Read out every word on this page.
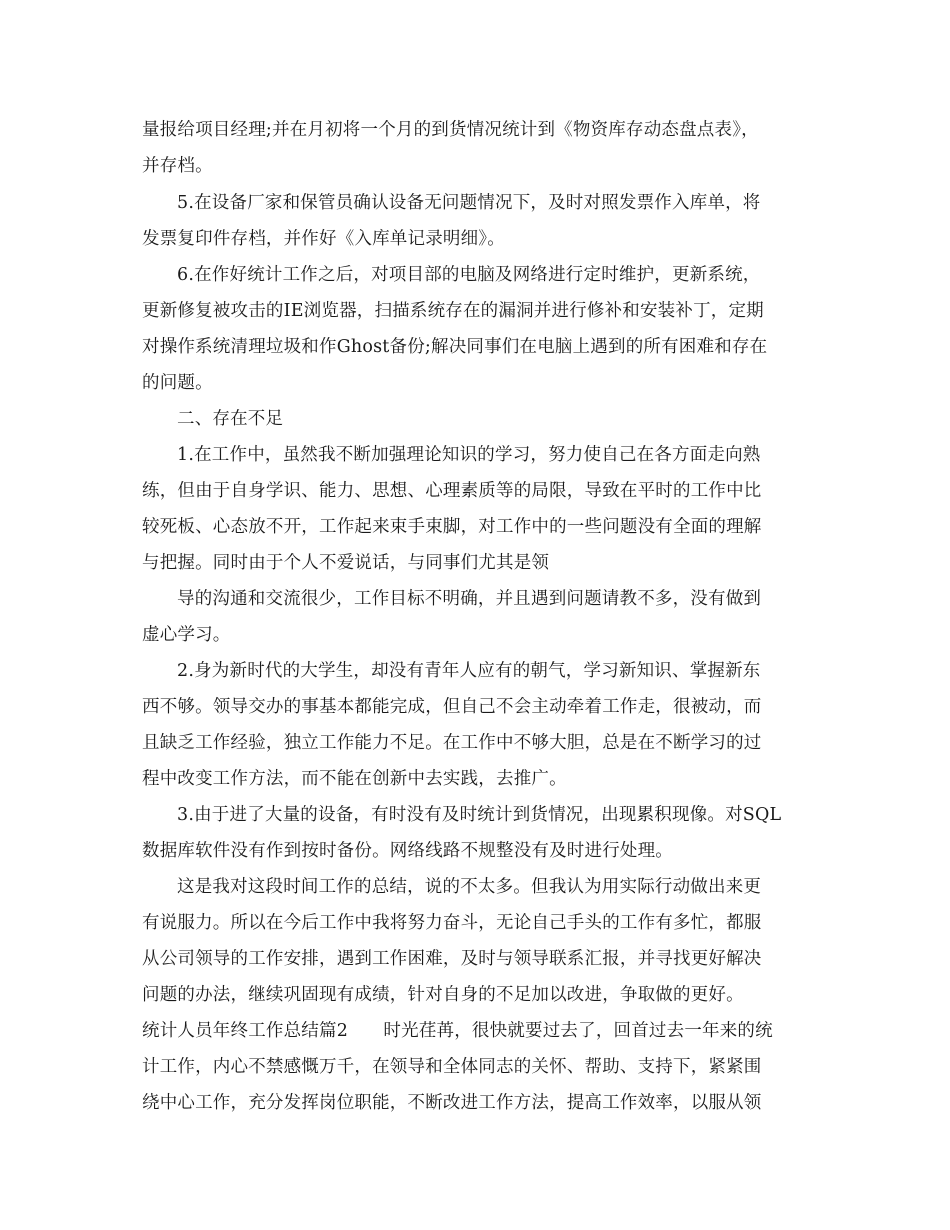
量报给项目经理;并在月初将一个月的到货情况统计到《物资库存动态盘点表》，
并存档。
5.在设备厂家和保管员确认设备无问题情况下，及时对照发票作入库单，将
发票复印件存档，并作好《入库单记录明细》。
6.在作好统计工作之后，对项目部的电脑及网络进行定时维护，更新系统，
更新修复被攻击的IE浏览器，扫描系统存在的漏洞并进行修补和安装补丁，定期
对操作系统清理垃圾和作Ghost备份;解决同事们在电脑上遇到的所有困难和存在
的问题。
二、存在不足
1.在工作中，虽然我不断加强理论知识的学习，努力使自己在各方面走向熟
练，但由于自身学识、能力、思想、心理素质等的局限，导致在平时的工作中比
较死板、心态放不开，工作起来束手束脚，对工作中的一些问题没有全面的理解
与把握。同时由于个人不爱说话，与同事们尤其是领
导的沟通和交流很少，工作目标不明确，并且遇到问题请教不多，没有做到
虚心学习。
2.身为新时代的大学生，却没有青年人应有的朝气，学习新知识、掌握新东
西不够。领导交办的事基本都能完成，但自己不会主动牵着工作走，很被动，而
且缺乏工作经验，独立工作能力不足。在工作中不够大胆，总是在不断学习的过
程中改变工作方法，而不能在创新中去实践，去推广。
3.由于进了大量的设备，有时没有及时统计到货情况，出现累积现像。对SQL
数据库软件没有作到按时备份。网络线路不规整没有及时进行处理。
这是我对这段时间工作的总结，说的不太多。但我认为用实际行动做出来更
有说服力。所以在今后工作中我将努力奋斗，无论自己手头的工作有多忙，都服
从公司领导的工作安排，遇到工作困难，及时与领导联系汇报，并寻找更好解决
问题的办法，继续巩固现有成绩，针对自身的不足加以改进，争取做的更好。
统计人员年终工作总结篇2　　时光荏苒，很快就要过去了，回首过去一年来的统
计工作，内心不禁感慨万千，在领导和全体同志的关怀、帮助、支持下，紧紧围
绕中心工作，充分发挥岗位职能，不断改进工作方法，提高工作效率，以服从领
